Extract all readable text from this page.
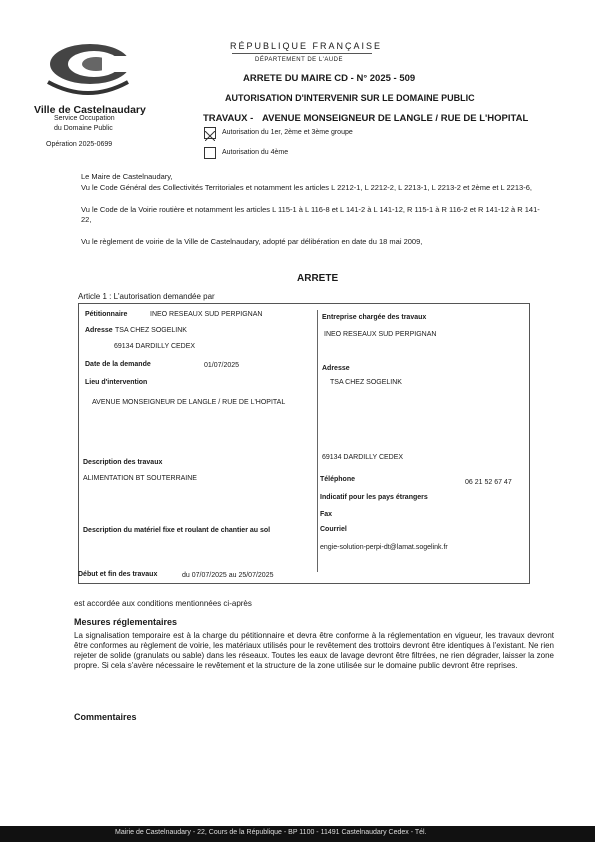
Ville de Castelnaudary
Service Occupation
du Domaine Public
Opération 2025-0699
RÉPUBLIQUE FRANÇAISE
DÉPARTEMENT DE L'AUDE
ARRETE DU MAIRE CD - N° 2025 - 509
AUTORISATION D'INTERVENIR SUR LE DOMAINE PUBLIC
TRAVAUX - AVENUE MONSEIGNEUR DE LANGLE / RUE DE L'HOPITAL
Autorisation du 1er, 2ème et 3ème groupe
Autorisation du 4ème
Le Maire de Castelnaudary,
Vu le Code Général des Collectivités Territoriales et notamment les articles L 2212-1, L 2212-2, L 2213-1, L 2213-2 et 2ème et L 2213-6,
Vu le Code de la Voirie routière et notamment les articles L 115-1 à L 116-8 et L 141-2 à L 141-12, R 115-1 à R 116-2 et R 141-12 à R 141-22,
Vu le règlement de voirie de la Ville de Castelnaudary, adopté par délibération en date du 18 mai 2009,
ARRETE
Article 1 : L'autorisation demandée par
Pétitionnaire	INEO RESEAUX SUD PERPIGNAN
Adresse TSA CHEZ SOGELINK
69134 DARDILLY CEDEX
Date de la demande	01/07/2025
Lieu d'intervention
AVENUE MONSEIGNEUR DE LANGLE / RUE DE L'HOPITAL
Description des travaux
ALIMENTATION BT SOUTERRAINE
Description du matériel fixe et roulant de chantier au sol
Début et fin des travaux	du 07/07/2025 au 25/07/2025
Entreprise chargée des travaux
INEO RESEAUX SUD PERPIGNAN
Adresse
TSA CHEZ SOGELINK
69134 DARDILLY CEDEX
Téléphone	06 21 52 67 47
Indicatif pour les pays étrangers
Fax
Courriel
engie-solution-perpi-dt@lamat.sogelink.fr
est accordée aux conditions mentionnées ci-après
Mesures réglementaires
La signalisation temporaire est à la charge du pétitionnaire et devra être conforme à la réglementation en vigueur, les travaux devront être conformes au règlement de voirie, les matériaux utilisés pour le revêtement des trottoirs devront être identiques à l'existant. Ne rien rejeter de solide (granulats ou sable) dans les réseaux. Toutes les eaux de lavage devront être filtrées, ne rien dégrader, laisser la zone propre. Si cela s'avère nécessaire le revêtement et la structure de la zone utilisée sur le domaine public devront être reprises.
Commentaires
Mairie de Castelnaudary - 22, Cours de la République - BP 1100 - 11491 Castelnaudary Cedex - Tél.
